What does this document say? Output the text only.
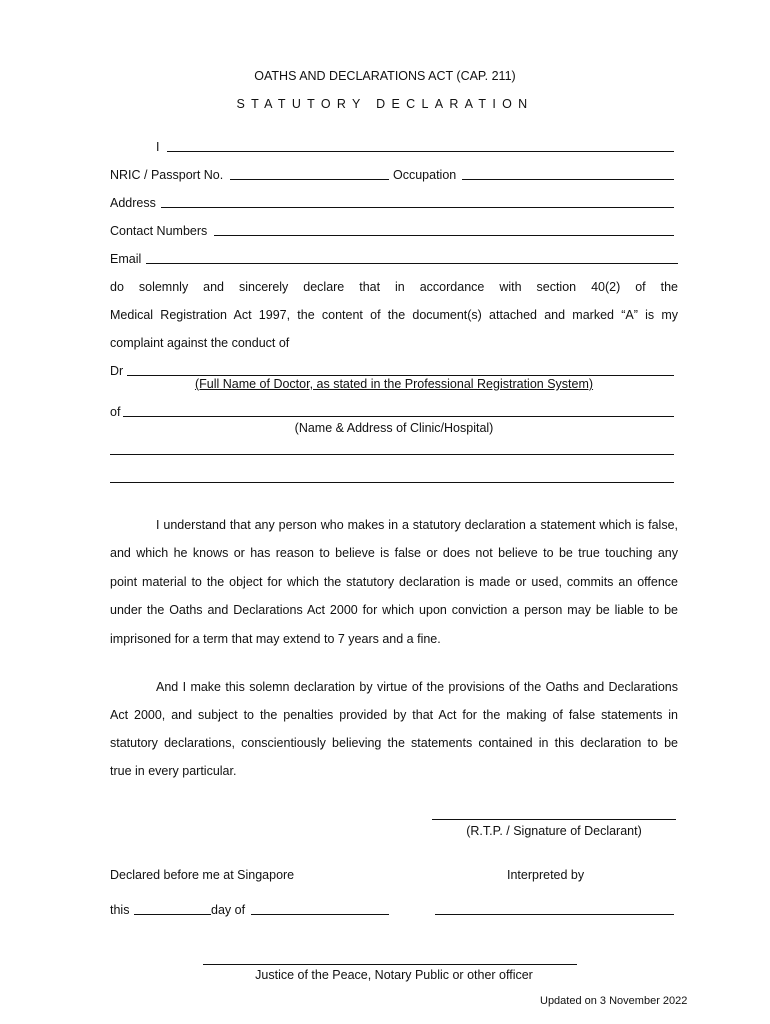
OATHS AND DECLARATIONS ACT (CAP. 211)
STATUTORY DECLARATION
I
NRIC / Passport No.	Occupation
Address
Contact Numbers
Email
do solemnly and sincerely declare that in accordance with section 40(2) of the
Medical Registration Act 1997, the content of the document(s) attached and marked “A” is my
complaint against the conduct of
Dr
(Full Name of Doctor, as stated in the Professional Registration System)
of
(Name & Address of Clinic/Hospital)
I understand that any person who makes in a statutory declaration a statement which is false,
and which he knows or has reason to believe is false or does not believe to be true touching any
point material to the object for which the statutory declaration is made or used, commits an offence
under the Oaths and Declarations Act 2000 for which upon conviction a person may be liable to be
imprisoned for a term that may extend to 7 years and a fine.
And I make this solemn declaration by virtue of the provisions of the Oaths and Declarations
Act 2000, and subject to the penalties provided by that Act for the making of false statements in
statutory declarations, conscientiously believing the statements contained in this declaration to be
true in every particular.
(R.T.P. / Signature of Declarant)
Declared before me at Singapore	Interpreted by
this	day of
Justice of the Peace, Notary Public or other officer
Updated on 3 November 2022
